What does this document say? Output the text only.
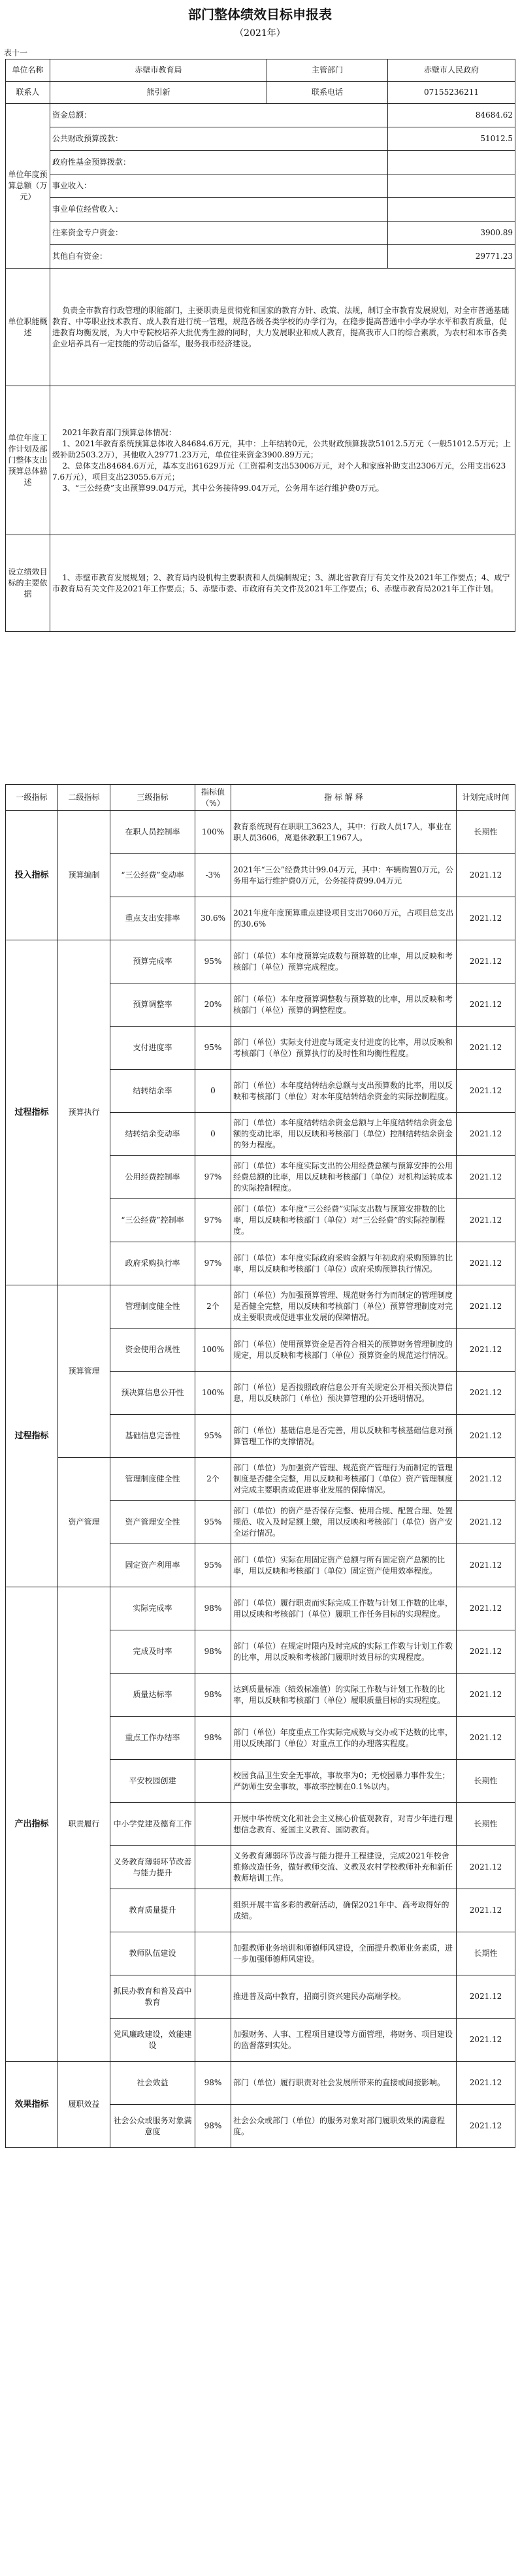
部门整体绩效目标申报表
（2021年）
表十一
单位名称	赤壁市教育局	主管部门	赤壁市人民政府
联系人	熊引新	联系电话	07155236211
单位年度预算总额（万元）	资金总额：		84684.62
	公共财政预算拨款：		51012.5
	政府性基金预算拨款：		
	事业收入：		
	事业单位经营收入：		
	往来资金专户资金：		3900.89
	其他自有资金：		29771.23
单位职能概述	负责全市教育行政管理的职能部门，主要职责是贯彻党和国家的教育方针、政策、法规，制订全市教育发展规划，对全市普通基础教育、中等职业技术教育、成人教育进行统一管理，规范各级各类学校的办学行为，在稳步提高普通中小学办学水平和教育质量，促进教育均衡发展，为大中专院校培养大批优秀生源的同时，大力发展职业和成人教育，提高我市人口的综合素质，为农村和本市各类企业培养具有一定技能的劳动后备军，服务我市经济建设。		
单位年度工作计划及部门整体支出预算总体描述	2021年教育部门预算总体情况：
1、2021年教育系统预算总体收入84684.6万元，其中：上年结转0元，公共财政预算拨款51012.5万元（一般51012.5万元；上级补助2503.2万），其他收入29771.23万元，单位往来资金3900.89万元；
2、总体支出84684.6万元，基本支出61629万元（工资福利支出53006万元，对个人和家庭补助支出2306万元，公用支出6237.6万元），项目支出23055.6万元；
3、“三公经费”支出预算99.04万元，其中公务接待99.04万元，公务用车运行维护费0万元。		
设立绩效目标的主要依据	1、赤壁市教育发展规划；2、教育局内设机构主要职责和人员编制规定；3、湖北省教育厅有关文件及2021年工作要点；4、咸宁市教育局有关文件及2021年工作要点；5、赤壁市委、市政府有关文件及2021年工作要点；6、赤壁市教育局2021年工作计划。		
一级指标	二级指标	三级指标	指标值（%）	指 标 解 释	计划完成时间
投入指标	预算编制	在职人员控制率	100%	教育系统现有在职职工3623人，其中：行政人员17人，事业在职人员3606，离退休教职工1967人。	长期性
		“三公经费”变动率	-3%	2021年“三公”经费共计99.04万元，其中：车辆购置0万元，公务用车运行维护费0万元，公务接待费99.04万元	2021.12
		重点支出安排率	30.6%	2021年度年度预算重点建设项目支出7060万元，占项目总支出的30.6%	2021.12
过程指标	预算执行	预算完成率	95%	部门（单位）本年度预算完成数与预算数的比率，用以反映和考核部门（单位）预算完成程度。	2021.12
		预算调整率	20%	部门（单位）本年度预算调整数与预算数的比率，用以反映和考核部门（单位）预算的调整程度。	2021.12
		支付进度率	95%	部门（单位）实际支付进度与既定支付进度的比率，用以反映和考核部门（单位）预算执行的及时性和均衡性程度。	2021.12
		结转结余率	0	部门（单位）本年度结转结余总额与支出预算数的比率，用以反映和考核部门（单位）对本年度结转结余资金的实际控制程度。	2021.12
		结转结余变动率	0	部门（单位）本年度结转结余资金总额与上年度结转结余资金总额的变动比率，用以反映和考核部门（单位）控制结转结余资金的努力程度。	2021.12
		公用经费控制率	97%	部门（单位）本年度实际支出的公用经费总额与预算安排的公用经费总额的比率，用以反映和考核部门（单位）对机构运转成本的实际控制程度。	2021.12
		“三公经费”控制率	97%	部门（单位）本年度“三公经费”实际支出数与预算安排数的比率，用以反映和考核部门（单位）对“三公经费”的实际控制程度。	2021.12
		政府采购执行率	97%	部门（单位）本年度实际政府采购金额与年初政府采购预算的比率，用以反映和考核部门（单位）政府采购预算执行情况。	2021.12
过程指标	预算管理	管理制度健全性	2个	部门（单位）为加强预算管理、规范财务行为而制定的管理制度是否健全完整，用以反映和考核部门（单位）预算管理制度对完成主要职责或促进事业发展的保障情况。	2021.12
		资金使用合规性	100%	部门（单位）使用预算资金是否符合相关的预算财务管理制度的规定，用以反映和考核部门（单位）预算资金的规范运行情况。	2021.12
		预决算信息公开性	100%	部门（单位）是否按照政府信息公开有关规定公开相关预决算信息，用以反映部门（单位）预决算管理的公开透明情况。	2021.12
		基础信息完善性	95%	部门（单位）基础信息是否完善，用以反映和考核基础信息对预算管理工作的支撑情况。	2021.12
	资产管理	管理制度健全性	2个	部门（单位）为加强资产管理、规范资产管理行为而制定的管理制度是否健全完整，用以反映和考核部门（单位）资产管理制度对完成主要职责或促进事业发展的保障情况。	2021.12
		资产管理安全性	95%	部门（单位）的资产是否保存完整、使用合规、配置合理、处置规范、收入及时足额上缴，用以反映和考核部门（单位）资产安全运行情况。	2021.12
		固定资产利用率	95%	部门（单位）实际在用固定资产总额与所有固定资产总额的比率，用以反映和考核部门（单位）固定资产使用效率程度。	2021.12
产出指标	职责履行	实际完成率	98%	部门（单位）履行职责而实际完成工作数与计划工作数的比率，用以反映和考核部门（单位）履职工作任务目标的实现程度。	2021.12
		完成及时率	98%	部门（单位）在规定时限内及时完成的实际工作数与计划工作数的比率，用以反映和考核部门履职时效目标的实现程度。	2021.12
		质量达标率	98%	达到质量标准（绩效标准值）的实际工作数与计划工作数的比率，用以反映和考核部门（单位）履职质量目标的实现程度。	2021.12
		重点工作办结率	98%	部门（单位）年度重点工作实际完成数与交办或下达数的比率，用以反映部门（单位）对重点工作的办理落实程度。	2021.12
		平安校园创建		校园食品卫生安全无事故，事故率为0；无校园暴力事件发生；严防师生安全事故，事故率控制在0.1%以内。	长期性
		中小学党建及德育工作		开展中华传统文化和社会主义核心价值观教育，对青少年进行理想信念教育、爱国主义教育、国防教育。	长期性
		义务教育薄弱环节改善与能力提升		义务教育薄弱环节改善与能力提升工程建设，完成2021年校舍维修改造任务，做好教师交流、义教及农村学校教师补充和新任教师培训工作。	2021.12
		教育质量提升		组织开展丰富多彩的教研活动，确保2021年中、高考取得好的成绩。	2021.12
		教师队伍建设		加强教师业务培训和师德师风建设，全面提升教师业务素质，进一步加强师德师风建设。	长期性
		抓民办教育和普及高中教育		推进普及高中教育，招商引资兴建民办高端学校。	2021.12
		党风廉政建设，效能建设		加强财务、人事、工程项目建设等方面管理，将财务、项目建设的监督落到实处。	2021.12
效果指标	履职效益	社会效益	98%	部门（单位）履行职责对社会发展所带来的直接或间接影响。	2021.12
		社会公众或服务对象满意度	98%	社会公众或部门（单位）的服务对象对部门履职效果的满意程度。	2021.12
